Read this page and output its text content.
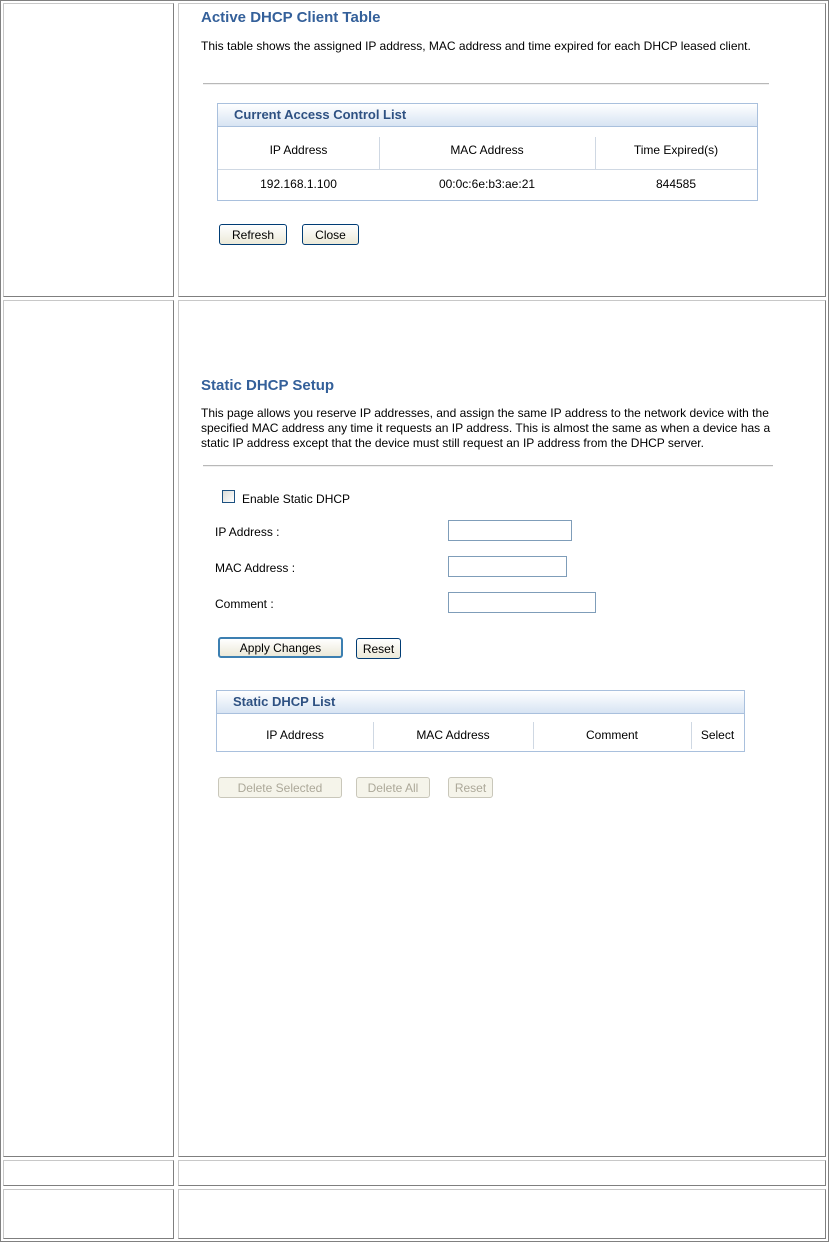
Active DHCP Client Table
This table shows the assigned IP address, MAC address and time expired for each DHCP leased client.
Current Access Control List
IP Address	MAC Address	Time Expired(s)
192.168.1.100	00:0c:6e:b3:ae:21	844585
Refresh	Close
Static DHCP Setup
This page allows you reserve IP addresses, and assign the same IP address to the network device with the specified MAC address any time it requests an IP address. This is almost the same as when a device has a static IP address except that the device must still request an IP address from the DHCP server.
Enable Static DHCP
IP Address :
MAC Address :
Comment :
Apply Changes	Reset
Static DHCP List
IP Address	MAC Address	Comment	Select
Delete Selected	Delete All	Reset
